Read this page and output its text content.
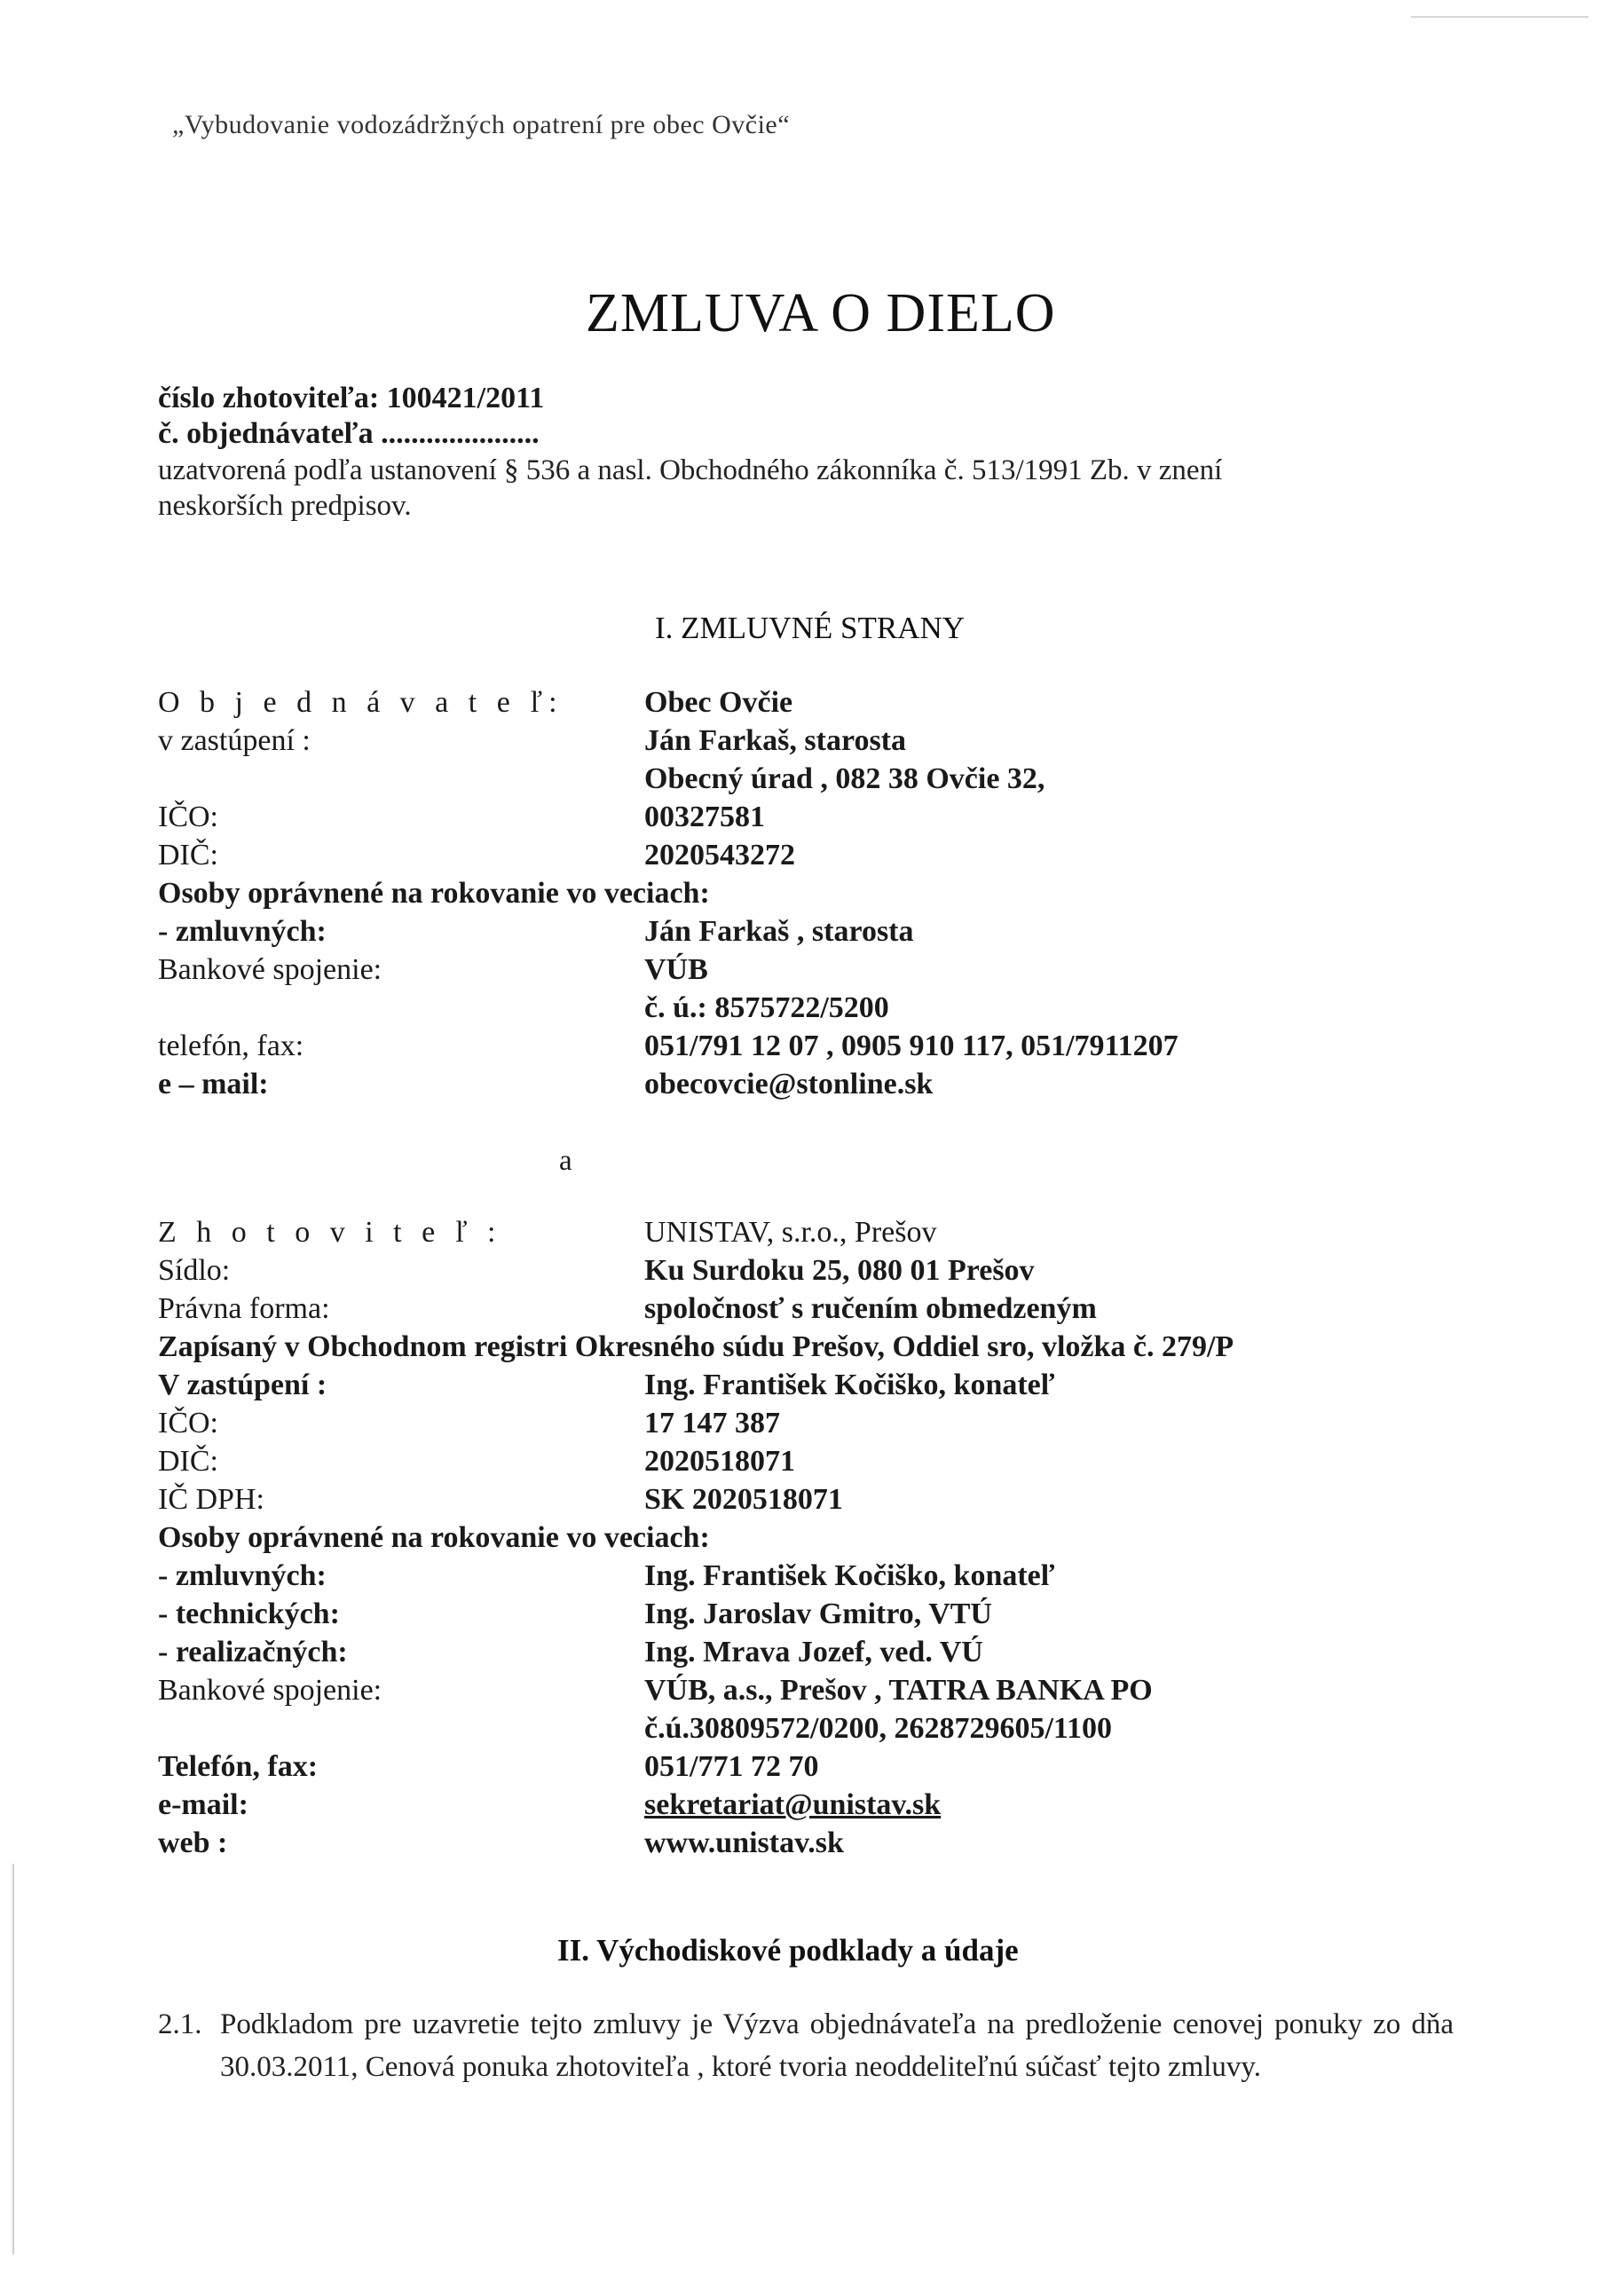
„Vybudovanie vodozádržných opatrení pre obec Ovčie“
ZMLUVA O DIELO
číslo zhotoviteľa: 100421/2011
č. objednávateľa .....................
uzatvorená podľa ustanovení § 536 a nasl. Obchodného zákonníka č. 513/1991 Zb. v znení
neskorších predpisov.
I. ZMLUVNÉ STRANY
O b j e d n á v a t e ľ:	Obec Ovčie
v zastúpení :	Ján Farkaš, starosta
Obecný úrad , 082 38 Ovčie 32,
IČO:	00327581
DIČ:	2020543272
Osoby oprávnené na rokovanie vo veciach:
- zmluvných:	Ján Farkaš , starosta
Bankové spojenie:	VÚB
č. ú.: 8575722/5200
telefón, fax:	051/791 12 07 , 0905 910 117, 051/7911207
e – mail:	obecovcie@stonline.sk
a
Z h o t o v i t e ľ :	UNISTAV, s.r.o., Prešov
Sídlo:	Ku Surdoku 25, 080 01 Prešov
Právna forma:	spoločnosť s ručením obmedzeným
Zapísaný v Obchodnom registri Okresného súdu Prešov, Oddiel sro, vložka č. 279/P
V zastúpení :	Ing. František Kočiško, konateľ
IČO:	17 147 387
DIČ:	2020518071
IČ DPH:	SK 2020518071
Osoby oprávnené na rokovanie vo veciach:
- zmluvných:	Ing. František Kočiško, konateľ
- technických:	Ing. Jaroslav Gmitro, VTÚ
- realizačných:	Ing. Mrava Jozef, ved. VÚ
Bankové spojenie:	VÚB, a.s., Prešov , TATRA BANKA PO
č.ú.30809572/0200, 2628729605/1100
Telefón, fax:	051/771 72 70
e-mail:	sekretariat@unistav.sk
web :	www.unistav.sk
II. Východiskové podklady a údaje
2.1. Podkladom pre uzavretie tejto zmluvy je Výzva objednávateľa na predloženie cenovej ponuky zo dňa 30.03.2011, Cenová ponuka zhotoviteľa , ktoré tvoria neoddeliteľnú súčasť tejto zmluvy.
